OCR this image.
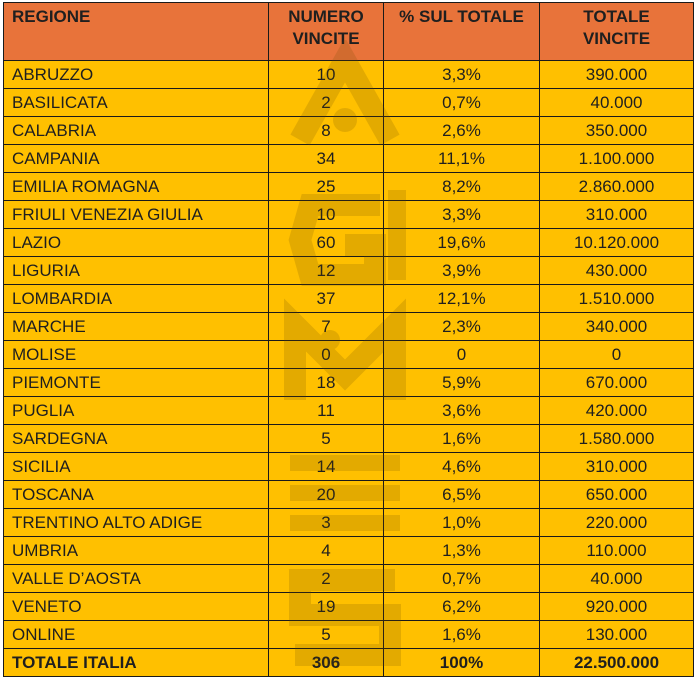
REGIONE	NUMERO VINCITE	% SUL TOTALE	TOTALE VINCITE
ABRUZZO	10	3,3%	390.000
BASILICATA	2	0,7%	40.000
CALABRIA	8	2,6%	350.000
CAMPANIA	34	11,1%	1.100.000
EMILIA ROMAGNA	25	8,2%	2.860.000
FRIULI VENEZIA GIULIA	10	3,3%	310.000
LAZIO	60	19,6%	10.120.000
LIGURIA	12	3,9%	430.000
LOMBARDIA	37	12,1%	1.510.000
MARCHE	7	2,3%	340.000
MOLISE	0	0	0
PIEMONTE	18	5,9%	670.000
PUGLIA	11	3,6%	420.000
SARDEGNA	5	1,6%	1.580.000
SICILIA	14	4,6%	310.000
TOSCANA	20	6,5%	650.000
TRENTINO ALTO ADIGE	3	1,0%	220.000
UMBRIA	4	1,3%	110.000
VALLE D’AOSTA	2	0,7%	40.000
VENETO	19	6,2%	920.000
ONLINE	5	1,6%	130.000
TOTALE ITALIA	306	100%	22.500.000
